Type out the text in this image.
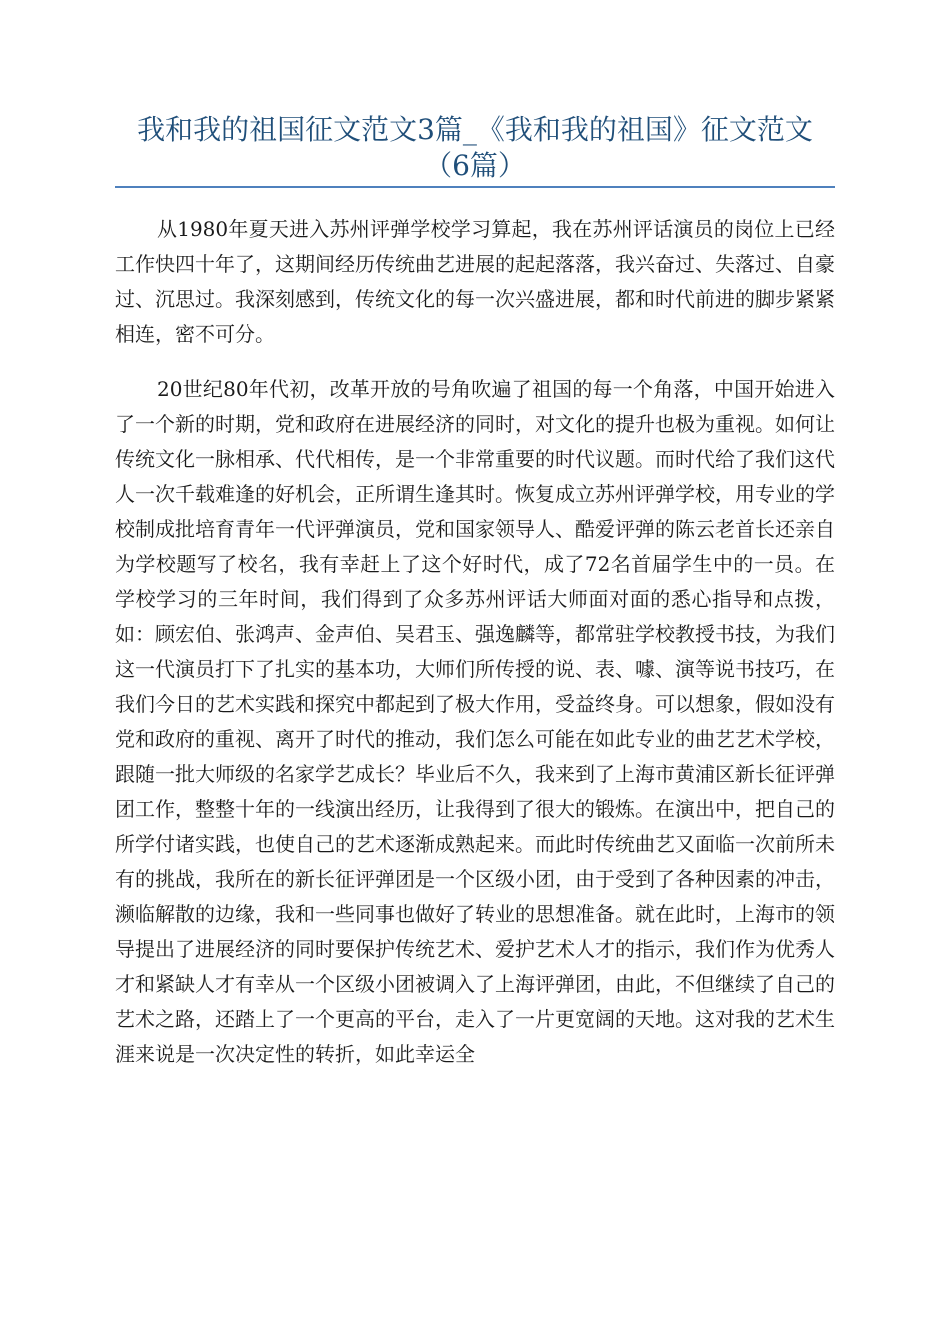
我和我的祖国征文范文3篇_《我和我的祖国》征文范文
（6篇）

从1980年夏天进入苏州评弹学校学习算起，我在苏州评话演员的岗位上已经工作快四十年了，这期间经历传统曲艺进展的起起落落，我兴奋过、失落过、自豪过、沉思过。我深刻感到，传统文化的每一次兴盛进展，都和时代前进的脚步紧紧相连，密不可分。

20世纪80年代初，改革开放的号角吹遍了祖国的每一个角落，中国开始进入了一个新的时期，党和政府在进展经济的同时，对文化的提升也极为重视。如何让传统文化一脉相承、代代相传，是一个非常重要的时代议题。而时代给了我们这代人一次千载难逢的好机会，正所谓生逢其时。恢复成立苏州评弹学校，用专业的学校制成批培育青年一代评弹演员，党和国家领导人、酷爱评弹的陈云老首长还亲自为学校题写了校名，我有幸赶上了这个好时代，成了72名首届学生中的一员。在学校学习的三年时间，我们得到了众多苏州评话大师面对面的悉心指导和点拨，如：顾宏伯、张鸿声、金声伯、吴君玉、强逸麟等，都常驻学校教授书技，为我们这一代演员打下了扎实的基本功，大师们所传授的说、表、噱、演等说书技巧，在我们今日的艺术实践和探究中都起到了极大作用，受益终身。可以想象，假如没有党和政府的重视、离开了时代的推动，我们怎么可能在如此专业的曲艺艺术学校，跟随一批大师级的名家学艺成长？毕业后不久，我来到了上海市黄浦区新长征评弹团工作，整整十年的一线演出经历，让我得到了很大的锻炼。在演出中，把自己的所学付诸实践，也使自己的艺术逐渐成熟起来。而此时传统曲艺又面临一次前所未有的挑战，我所在的新长征评弹团是一个区级小团，由于受到了各种因素的冲击，濒临解散的边缘，我和一些同事也做好了转业的思想准备。就在此时，上海市的领导提出了进展经济的同时要保护传统艺术、爱护艺术人才的指示，我们作为优秀人才和紧缺人才有幸从一个区级小团被调入了上海评弹团，由此，不但继续了自己的艺术之路，还踏上了一个更高的平台，走入了一片更宽阔的天地。这对我的艺术生涯来说是一次决定性的转折，如此幸运全
